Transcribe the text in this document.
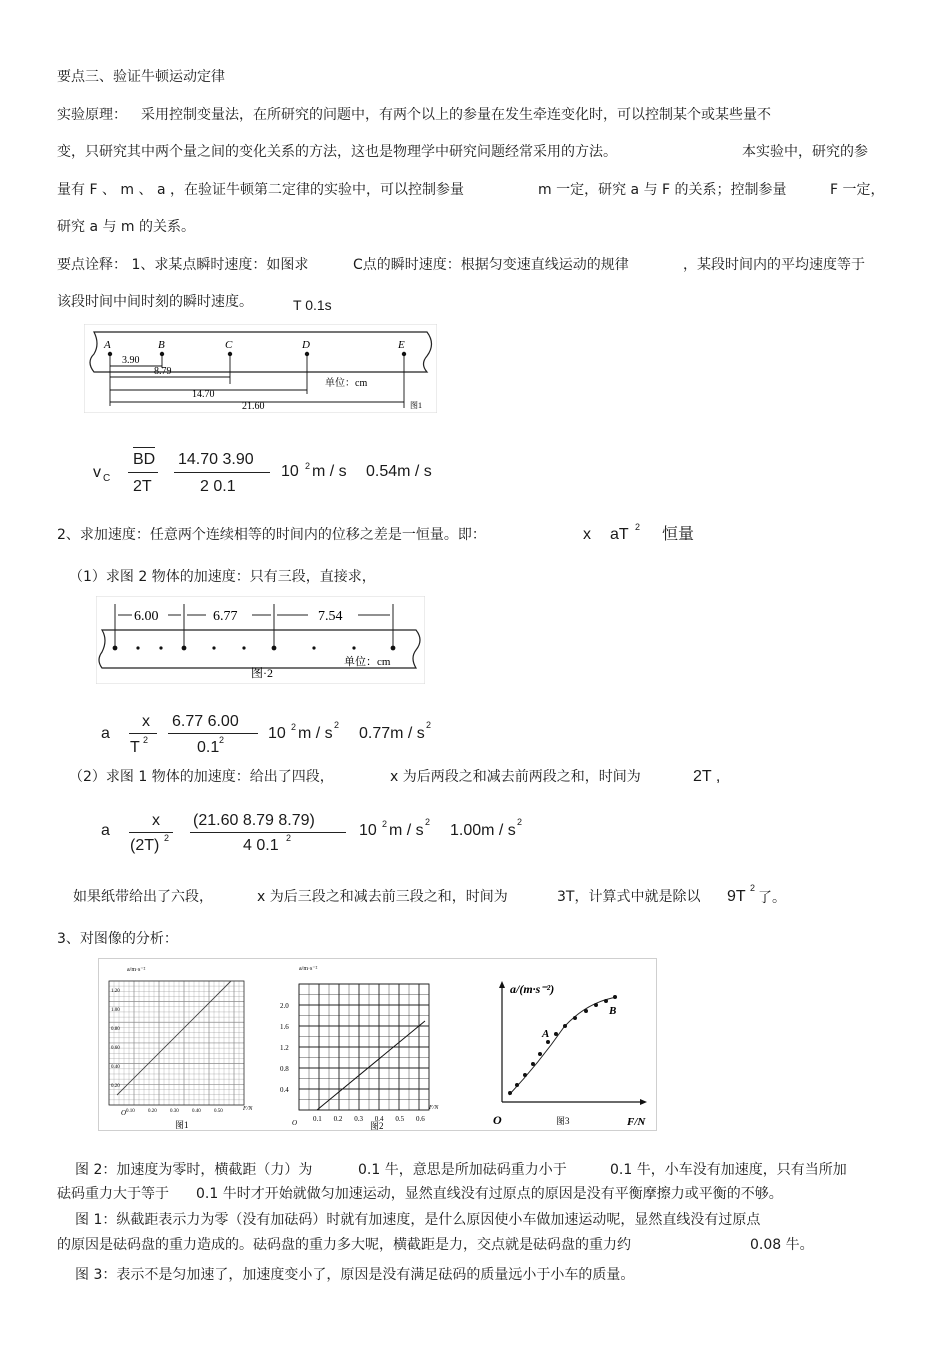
要点三、验证牛顿运动定律
实验原理： 采用控制变量法，在所研究的问题中，有两个以上的参量在发生牵连变化时，可以控制某个或某些量不
变，只研究其中两个量之间的变化关系的方法，这也是物理学中研究问题经常采用的方法。	本实验中，研究的参
量有 F 、 m 、 a ，在验证牛顿第二定律的实验中，可以控制参量	m 一定，研究 a 与 F 的关系；控制参量	F 一定，
研究 a 与 m 的关系。
要点诠释： 1、求某点瞬时速度：如图求	C点的瞬时速度：根据匀变速直线运动的规律	，某段时间内的平均速度等于
该段时间中间时刻的瞬时速度。	T 0.1s
A	B	C	D	E
3.90
8.79
14.70
21.60
单位：cm
图1
v C
BD
2T
14.70 3.90
2 0.1
10 2 m / s 0.54m / s
2、求加速度：任意两个连续相等的时间内的位移之差是一恒量。即：	x aT 2 恒量
（1）求图 2 物体的加速度：只有三段，直接求，
6.00	6.77	7.54
单位：cm
图·2
a
x
T 2
6.77 6.00
0.1 2	10 2 m / s 2 0.77m / s 2
（2）求图 1 物体的加速度：给出了四段，	x 为后两段之和减去前两段之和，时间为	2T ,
a
x
(2T) 2
(21.60 8.79 8.79)
4 0.1 2	10 2 m / s 2 1.00m / s 2
如果纸带给出了六段，	x 为后三段之和减去前三段之和，时间为	3T，计算式中就是除以 9T 2
了。
3、对图像的分析：
a/m·s⁻²
F/N
O 0.10	0.20	0.30	0.40	0.50
0.20
0.40
0.60
0.80
1.00
1.20
图1
a/m·s⁻²
F/N
O 0.1 0.2 0.3 0.4 0.5 0.6
0.4
0.8
1.2
1.6
2.0
图2
a/(m·s⁻²)
F/N
O
A
B
图3
图 2：加速度为零时，横截距（力）为	0.1 牛，意思是所加砝码重力小于	0.1 牛，小车没有加速度，只有当所加
砝码重力大于等于 0.1 牛时才开始就做匀加速运动，显然直线没有过原点的原因是没有平衡摩擦力或平衡的不够。
图 1：纵截距表示力为零（没有加砝码）时就有加速度，是什么原因使小车做加速运动呢，显然直线没有过原点
的原因是砝码盘的重力造成的。砝码盘的重力多大呢，横截距是力，交点就是砝码盘的重力约	0.08 牛。
图 3：表示不是匀加速了，加速度变小了，原因是没有满足砝码的质量远小于小车的质量。
